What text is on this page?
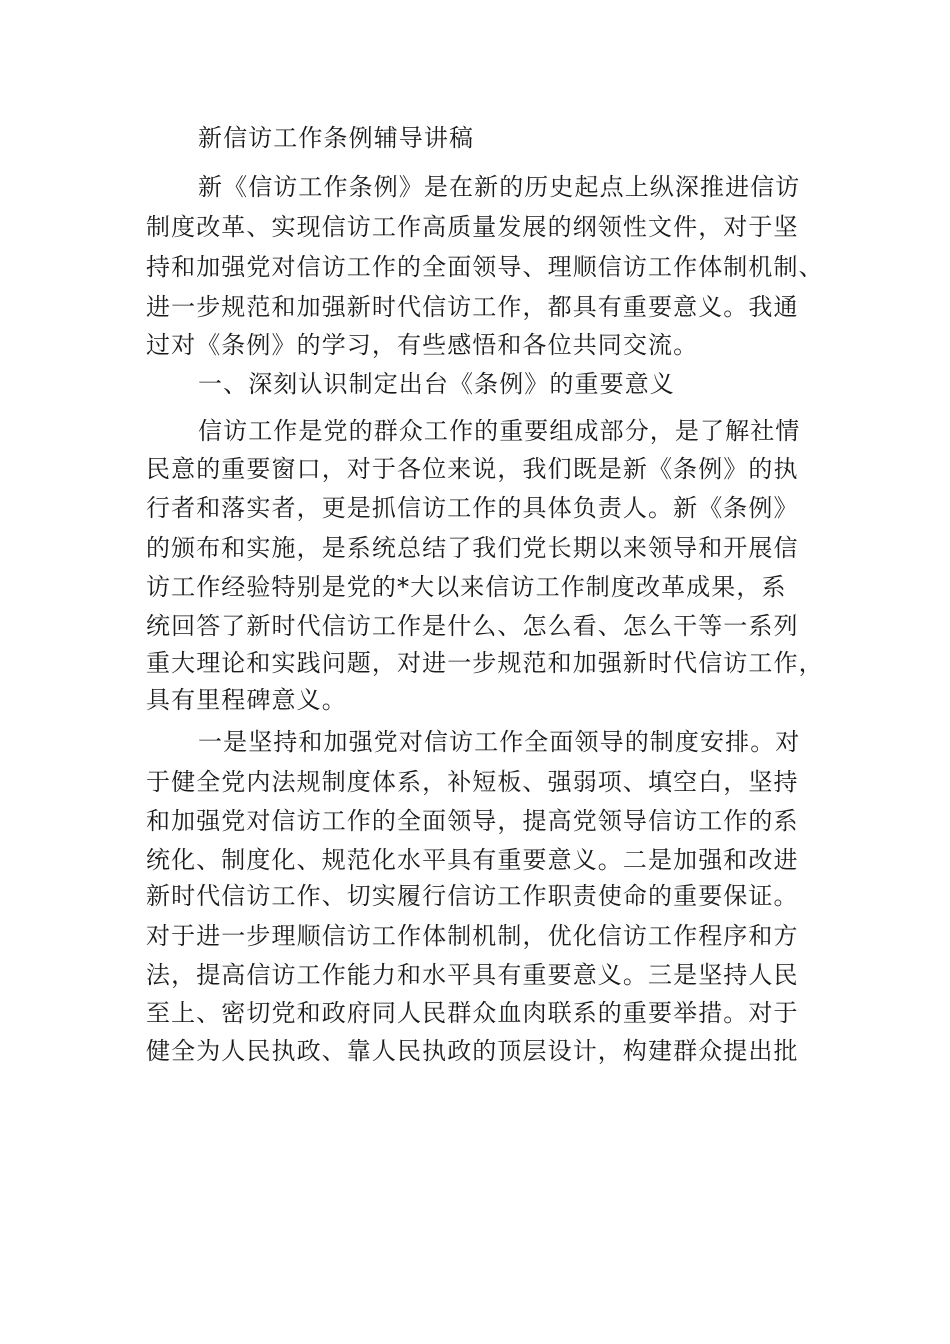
新信访工作条例辅导讲稿

新《信访工作条例》是在新的历史起点上纵深推进信访

制度改革、实现信访工作高质量发展的纲领性文件，对于坚

持和加强党对信访工作的全面领导、理顺信访工作体制机制、

进一步规范和加强新时代信访工作，都具有重要意义。我通

过对《条例》的学习，有些感悟和各位共同交流。

一、深刻认识制定出台《条例》的重要意义

信访工作是党的群众工作的重要组成部分，是了解社情

民意的重要窗口，对于各位来说，我们既是新《条例》的执

行者和落实者，更是抓信访工作的具体负责人。新《条例》

的颁布和实施，是系统总结了我们党长期以来领导和开展信

访工作经验特别是党的*大以来信访工作制度改革成果，系

统回答了新时代信访工作是什么、怎么看、怎么干等一系列

重大理论和实践问题，对进一步规范和加强新时代信访工作，

具有里程碑意义。

一是坚持和加强党对信访工作全面领导的制度安排。对

于健全党内法规制度体系，补短板、强弱项、填空白，坚持

和加强党对信访工作的全面领导，提高党领导信访工作的系

统化、制度化、规范化水平具有重要意义。二是加强和改进

新时代信访工作、切实履行信访工作职责使命的重要保证。

对于进一步理顺信访工作体制机制，优化信访工作程序和方

法，提高信访工作能力和水平具有重要意义。三是坚持人民

至上、密切党和政府同人民群众血肉联系的重要举措。对于

健全为人民执政、靠人民执政的顶层设计，构建群众提出批
